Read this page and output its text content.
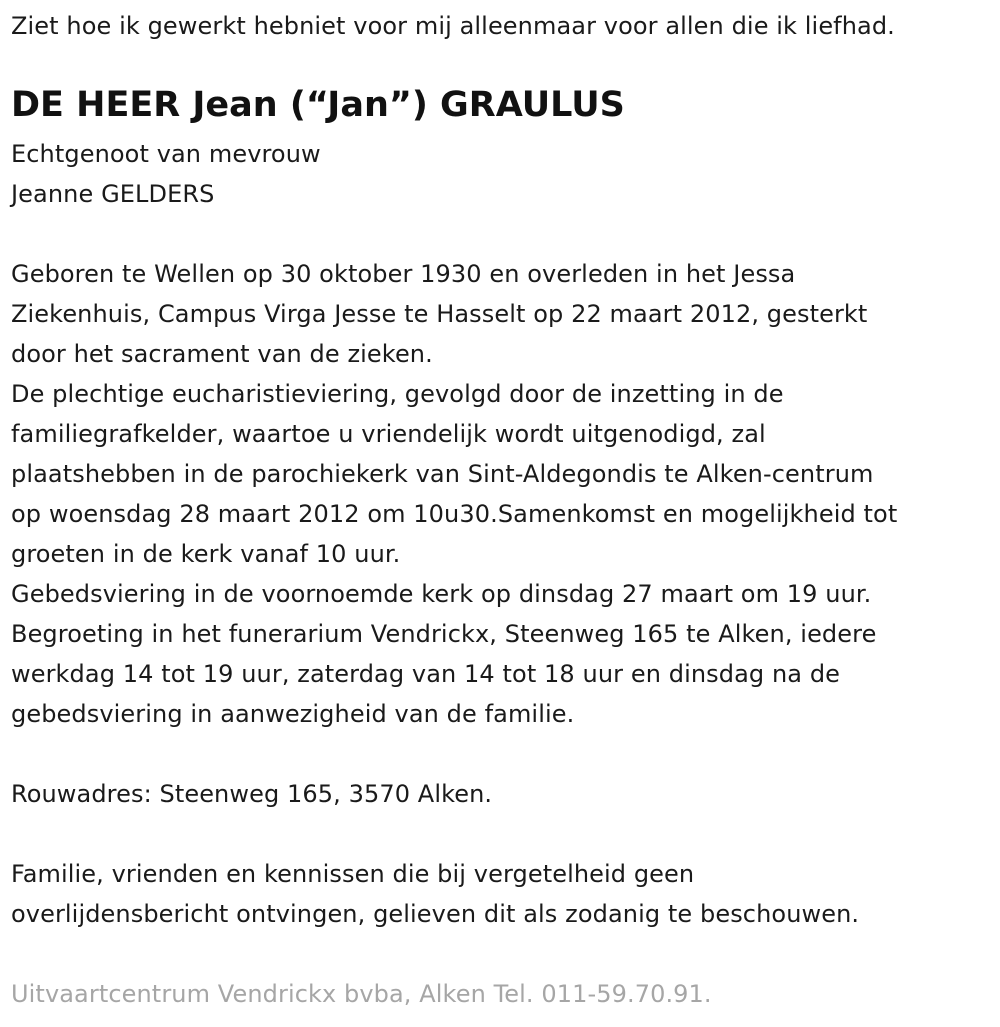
Ziet hoe ik gewerkt hebniet voor mij alleenmaar voor allen die ik liefhad.
DE HEER Jean (“Jan”) GRAULUS
Echtgenoot van mevrouw
Jeanne GELDERS
Geboren te Wellen op 30 oktober 1930 en overleden in het Jessa
Ziekenhuis, Campus Virga Jesse te Hasselt op 22 maart 2012, gesterkt
door het sacrament van de zieken.
De plechtige eucharistieviering, gevolgd door de inzetting in de
familiegrafkelder, waartoe u vriendelijk wordt uitgenodigd, zal
plaatshebben in de parochiekerk van Sint-Aldegondis te Alken-centrum
op woensdag 28 maart 2012 om 10u30.Samenkomst en mogelijkheid tot
groeten in de kerk vanaf 10 uur.
Gebedsviering in de voornoemde kerk op dinsdag 27 maart om 19 uur.
Begroeting in het funerarium Vendrickx, Steenweg 165 te Alken, iedere
werkdag 14 tot 19 uur, zaterdag van 14 tot 18 uur en dinsdag na de
gebedsviering in aanwezigheid van de familie.
Rouwadres: Steenweg 165, 3570 Alken.
Familie, vrienden en kennissen die bij vergetelheid geen
overlijdensbericht ontvingen, gelieven dit als zodanig te beschouwen.
Uitvaartcentrum Vendrickx bvba, Alken Tel. 011-59.70.91.
